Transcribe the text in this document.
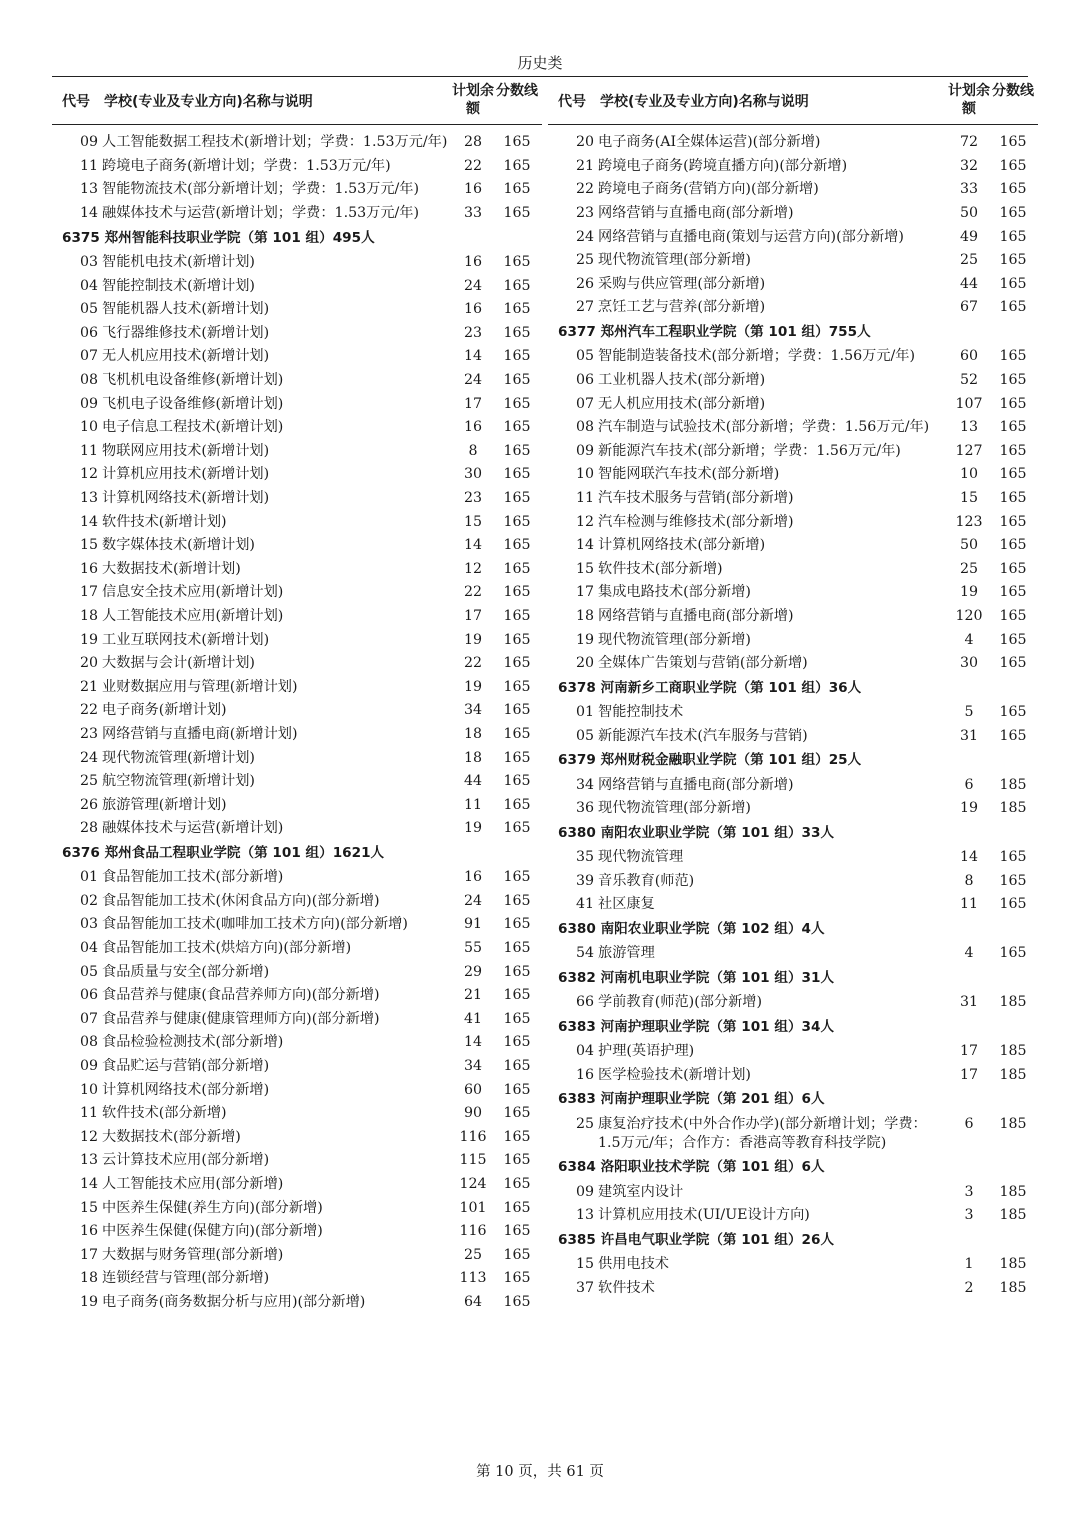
历史类
代号 学校(专业及专业方向)名称与说明
计划余额
分数线
09 人工智能数据工程技术(新增计划；学费：1.53万元/年)	28	165
11 跨境电子商务(新增计划；学费：1.53万元/年)	22	165
13 智能物流技术(部分新增计划；学费：1.53万元/年)	16	165
14 融媒体技术与运营(新增计划；学费：1.53万元/年)	33	165
6375 郑州智能科技职业学院（第 101 组）495人
03 智能机电技术(新增计划)	16	165
04 智能控制技术(新增计划)	24	165
05 智能机器人技术(新增计划)	16	165
06 飞行器维修技术(新增计划)	23	165
07 无人机应用技术(新增计划)	14	165
08 飞机机电设备维修(新增计划)	24	165
09 飞机电子设备维修(新增计划)	17	165
10 电子信息工程技术(新增计划)	16	165
11 物联网应用技术(新增计划)	8	165
12 计算机应用技术(新增计划)	30	165
13 计算机网络技术(新增计划)	23	165
14 软件技术(新增计划)	15	165
15 数字媒体技术(新增计划)	14	165
16 大数据技术(新增计划)	12	165
17 信息安全技术应用(新增计划)	22	165
18 人工智能技术应用(新增计划)	17	165
19 工业互联网技术(新增计划)	19	165
20 大数据与会计(新增计划)	22	165
21 业财数据应用与管理(新增计划)	19	165
22 电子商务(新增计划)	34	165
23 网络营销与直播电商(新增计划)	18	165
24 现代物流管理(新增计划)	18	165
25 航空物流管理(新增计划)	44	165
26 旅游管理(新增计划)	11	165
28 融媒体技术与运营(新增计划)	19	165
6376 郑州食品工程职业学院（第 101 组）1621人
01 食品智能加工技术(部分新增)	16	165
02 食品智能加工技术(休闲食品方向)(部分新增)	24	165
03 食品智能加工技术(咖啡加工技术方向)(部分新增)	91	165
04 食品智能加工技术(烘焙方向)(部分新增)	55	165
05 食品质量与安全(部分新增)	29	165
06 食品营养与健康(食品营养师方向)(部分新增)	21	165
07 食品营养与健康(健康管理师方向)(部分新增)	41	165
08 食品检验检测技术(部分新增)	14	165
09 食品贮运与营销(部分新增)	34	165
10 计算机网络技术(部分新增)	60	165
11 软件技术(部分新增)	90	165
12 大数据技术(部分新增)	116	165
13 云计算技术应用(部分新增)	115	165
14 人工智能技术应用(部分新增)	124	165
15 中医养生保健(养生方向)(部分新增)	101	165
16 中医养生保健(保健方向)(部分新增)	116	165
17 大数据与财务管理(部分新增)	25	165
18 连锁经营与管理(部分新增)	113	165
19 电子商务(商务数据分析与应用)(部分新增)	64	165
代号 学校(专业及专业方向)名称与说明
计划余额
分数线
20 电子商务(AI全媒体运营)(部分新增)	72	165
21 跨境电子商务(跨境直播方向)(部分新增)	32	165
22 跨境电子商务(营销方向)(部分新增)	33	165
23 网络营销与直播电商(部分新增)	50	165
24 网络营销与直播电商(策划与运营方向)(部分新增)	49	165
25 现代物流管理(部分新增)	25	165
26 采购与供应管理(部分新增)	44	165
27 烹饪工艺与营养(部分新增)	67	165
6377 郑州汽车工程职业学院（第 101 组）755人
05 智能制造装备技术(部分新增；学费：1.56万元/年)	60	165
06 工业机器人技术(部分新增)	52	165
07 无人机应用技术(部分新增)	107	165
08 汽车制造与试验技术(部分新增；学费：1.56万元/年)	13	165
09 新能源汽车技术(部分新增；学费：1.56万元/年)	127	165
10 智能网联汽车技术(部分新增)	10	165
11 汽车技术服务与营销(部分新增)	15	165
12 汽车检测与维修技术(部分新增)	123	165
14 计算机网络技术(部分新增)	50	165
15 软件技术(部分新增)	25	165
17 集成电路技术(部分新增)	19	165
18 网络营销与直播电商(部分新增)	120	165
19 现代物流管理(部分新增)	4	165
20 全媒体广告策划与营销(部分新增)	30	165
6378 河南新乡工商职业学院（第 101 组）36人
01 智能控制技术	5	165
05 新能源汽车技术(汽车服务与营销)	31	165
6379 郑州财税金融职业学院（第 101 组）25人
34 网络营销与直播电商(部分新增)	6	185
36 现代物流管理(部分新增)	19	185
6380 南阳农业职业学院（第 101 组）33人
35 现代物流管理	14	165
39 音乐教育(师范)	8	165
41 社区康复	11	165
6380 南阳农业职业学院（第 102 组）4人
54 旅游管理	4	165
6382 河南机电职业学院（第 101 组）31人
66 学前教育(师范)(部分新增)	31	185
6383 河南护理职业学院（第 101 组）34人
04 护理(英语护理)	17	185
16 医学检验技术(新增计划)	17	185
6383 河南护理职业学院（第 201 组）6人
25 康复治疗技术(中外合作办学)(部分新增计划；学费：1.5万元/年；合作方：香港高等教育科技学院)
6	185
6384 洛阳职业技术学院（第 101 组）6人
09 建筑室内设计	3	185
13 计算机应用技术(UI/UE设计方向)	3	185
6385 许昌电气职业学院（第 101 组）26人
15 供用电技术	1	185
37 软件技术	2	185
第 10 页，共 61 页
